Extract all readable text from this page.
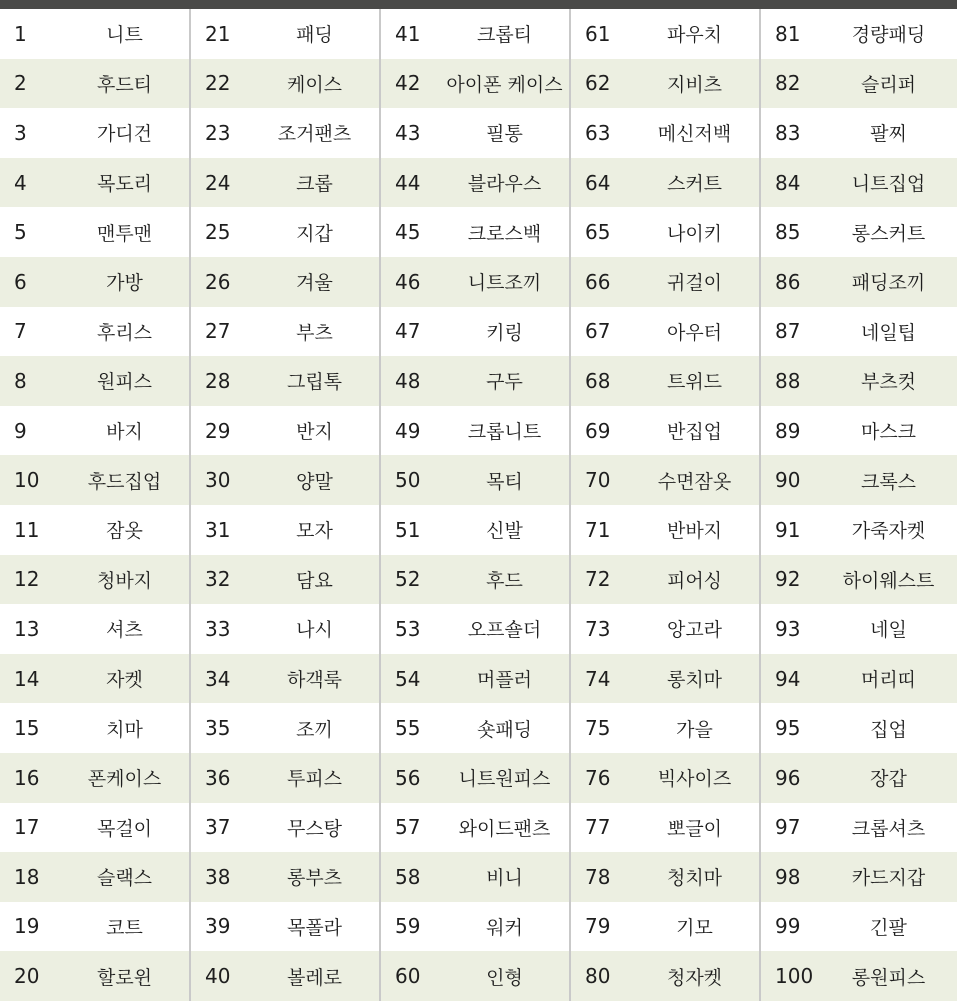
1	니트	21	패딩	41	크롭티	61	파우치	81	경량패딩
2	후드티	22	케이스	42	아이폰 케이스	62	지비츠	82	슬리퍼
3	가디건	23	조거팬츠	43	필통	63	메신저백	83	팔찌
4	목도리	24	크롭	44	블라우스	64	스커트	84	니트집업
5	맨투맨	25	지갑	45	크로스백	65	나이키	85	롱스커트
6	가방	26	겨울	46	니트조끼	66	귀걸이	86	패딩조끼
7	후리스	27	부츠	47	키링	67	아우터	87	네일팁
8	원피스	28	그립톡	48	구두	68	트위드	88	부츠컷
9	바지	29	반지	49	크롭니트	69	반집업	89	마스크
10	후드집업	30	양말	50	목티	70	수면잠옷	90	크록스
11	잠옷	31	모자	51	신발	71	반바지	91	가죽자켓
12	청바지	32	담요	52	후드	72	피어싱	92	하이웨스트
13	셔츠	33	나시	53	오프숄더	73	앙고라	93	네일
14	자켓	34	하객룩	54	머플러	74	롱치마	94	머리띠
15	치마	35	조끼	55	숏패딩	75	가을	95	집업
16	폰케이스	36	투피스	56	니트원피스	76	빅사이즈	96	장갑
17	목걸이	37	무스탕	57	와이드팬츠	77	뽀글이	97	크롭셔츠
18	슬랙스	38	롱부츠	58	비니	78	청치마	98	카드지갑
19	코트	39	목폴라	59	워커	79	기모	99	긴팔
20	할로윈	40	볼레로	60	인형	80	청자켓	100	롱원피스
